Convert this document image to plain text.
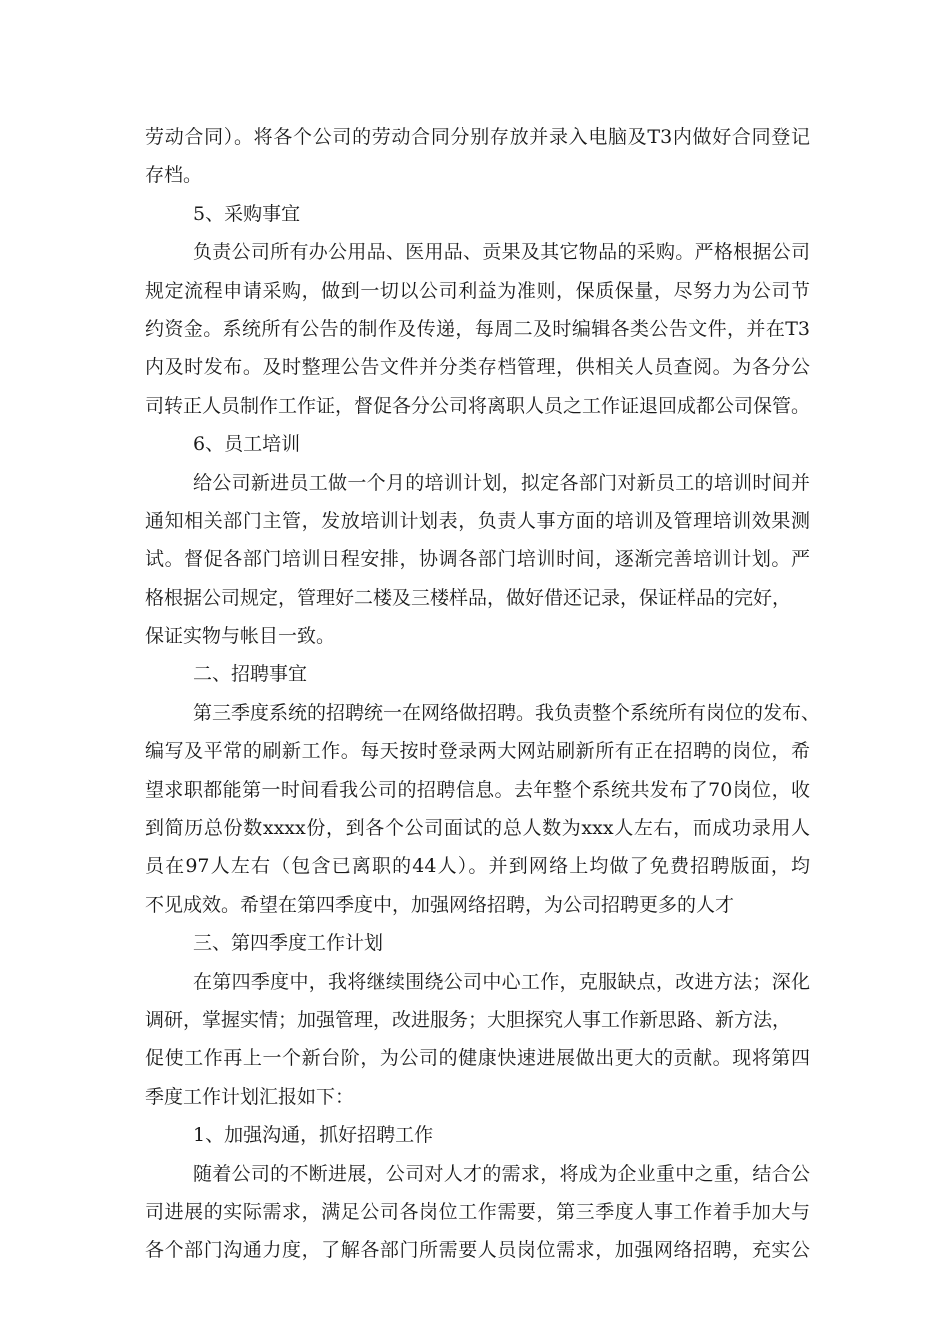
劳动合同）。将各个公司的劳动合同分别存放并录入电脑及T3内做好合同登记
存档。
5、采购事宜
负责公司所有办公用品、医用品、贡果及其它物品的采购。严格根据公司
规定流程申请采购，做到一切以公司利益为准则，保质保量，尽努力为公司节
约资金。系统所有公告的制作及传递，每周二及时编辑各类公告文件，并在T3
内及时发布。及时整理公告文件并分类存档管理，供相关人员查阅。为各分公
司转正人员制作工作证，督促各分公司将离职人员之工作证退回成都公司保管。
6、员工培训
给公司新进员工做一个月的培训计划，拟定各部门对新员工的培训时间并
通知相关部门主管，发放培训计划表，负责人事方面的培训及管理培训效果测
试。督促各部门培训日程安排，协调各部门培训时间，逐渐完善培训计划。严
格根据公司规定，管理好二楼及三楼样品，做好借还记录，保证样品的完好，
保证实物与帐目一致。
二、招聘事宜
第三季度系统的招聘统一在网络做招聘。我负责整个系统所有岗位的发布、
编写及平常的刷新工作。每天按时登录两大网站刷新所有正在招聘的岗位，希
望求职都能第一时间看我公司的招聘信息。去年整个系统共发布了70岗位，收
到简历总份数xxxx份，到各个公司面试的总人数为xxx人左右，而成功录用人
员在97人左右（包含已离职的44人）。并到网络上均做了免费招聘版面，均
不见成效。希望在第四季度中，加强网络招聘，为公司招聘更多的人才
三、第四季度工作计划
在第四季度中，我将继续围绕公司中心工作，克服缺点，改进方法；深化
调研，掌握实情；加强管理，改进服务；大胆探究人事工作新思路、新方法，
促使工作再上一个新台阶，为公司的健康快速进展做出更大的贡献。现将第四
季度工作计划汇报如下：
1、加强沟通，抓好招聘工作
随着公司的不断进展，公司对人才的需求，将成为企业重中之重，结合公
司进展的实际需求，满足公司各岗位工作需要，第三季度人事工作着手加大与
各个部门沟通力度，了解各部门所需要人员岗位需求，加强网络招聘，充实公
